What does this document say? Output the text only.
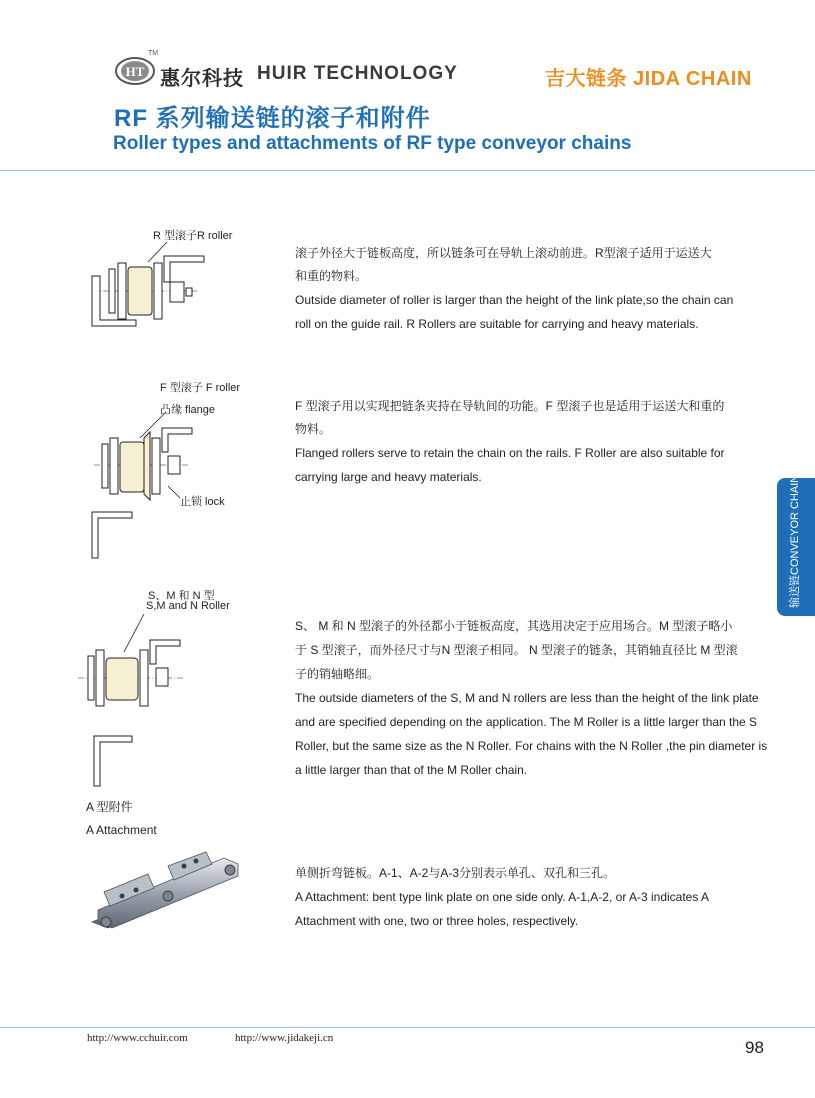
HT
TM
惠尔科技 HUIR TECHNOLOGY	吉大链条 JIDA CHAIN
RF 系列输送链的滚子和附件
Roller types and attachments of RF type conveyor chains
输送链CONVEYOR CHAINS
R 型滚子R roller
滚子外径大于链板高度，所以链条可在导轨上滚动前进。R型滚子适用于运送大
和重的物料。
Outside diameter of roller is larger than the height of the link plate,so the chain can
roll on the guide rail. R Rollers are suitable for carrying and heavy materials.
F 型滚子 F roller
凸缘 flange
止锁 lock
F 型滚子用以实现把链条夹持在导轨间的功能。F 型滚子也是适用于运送大和重的
物料。
Flanged rollers serve to retain the chain on the rails. F Roller are also suitable for
carrying large and heavy materials.
S、M 和 N 型
S,M and N Roller
S、 M 和 N 型滚子的外径都小于链板高度，其选用决定于应用场合。M 型滚子略小
于 S 型滚子，而外径尺寸与N 型滚子相同。 N 型滚子的链条，其销轴直径比 M 型滚
子的销轴略细。
The outside diameters of the S, M and N rollers are less than the height of the link plate
and are specified depending on the application. The M Roller is a little larger than the S
Roller, but the same size as the N Roller. For chains with the N Roller ,the pin diameter is
a little larger than that of the M Roller chain.
A 型附件
A Attachment
单侧折弯链板。A-1、A-2与A-3分别表示单孔、双孔和三孔。
A Attachment: bent type link plate on one side only. A-1,A-2, or A-3 indicates A
Attachment with one, two or three holes, respectively.
http://www.cchuir.com	http://www.jidakeji.cn	98
